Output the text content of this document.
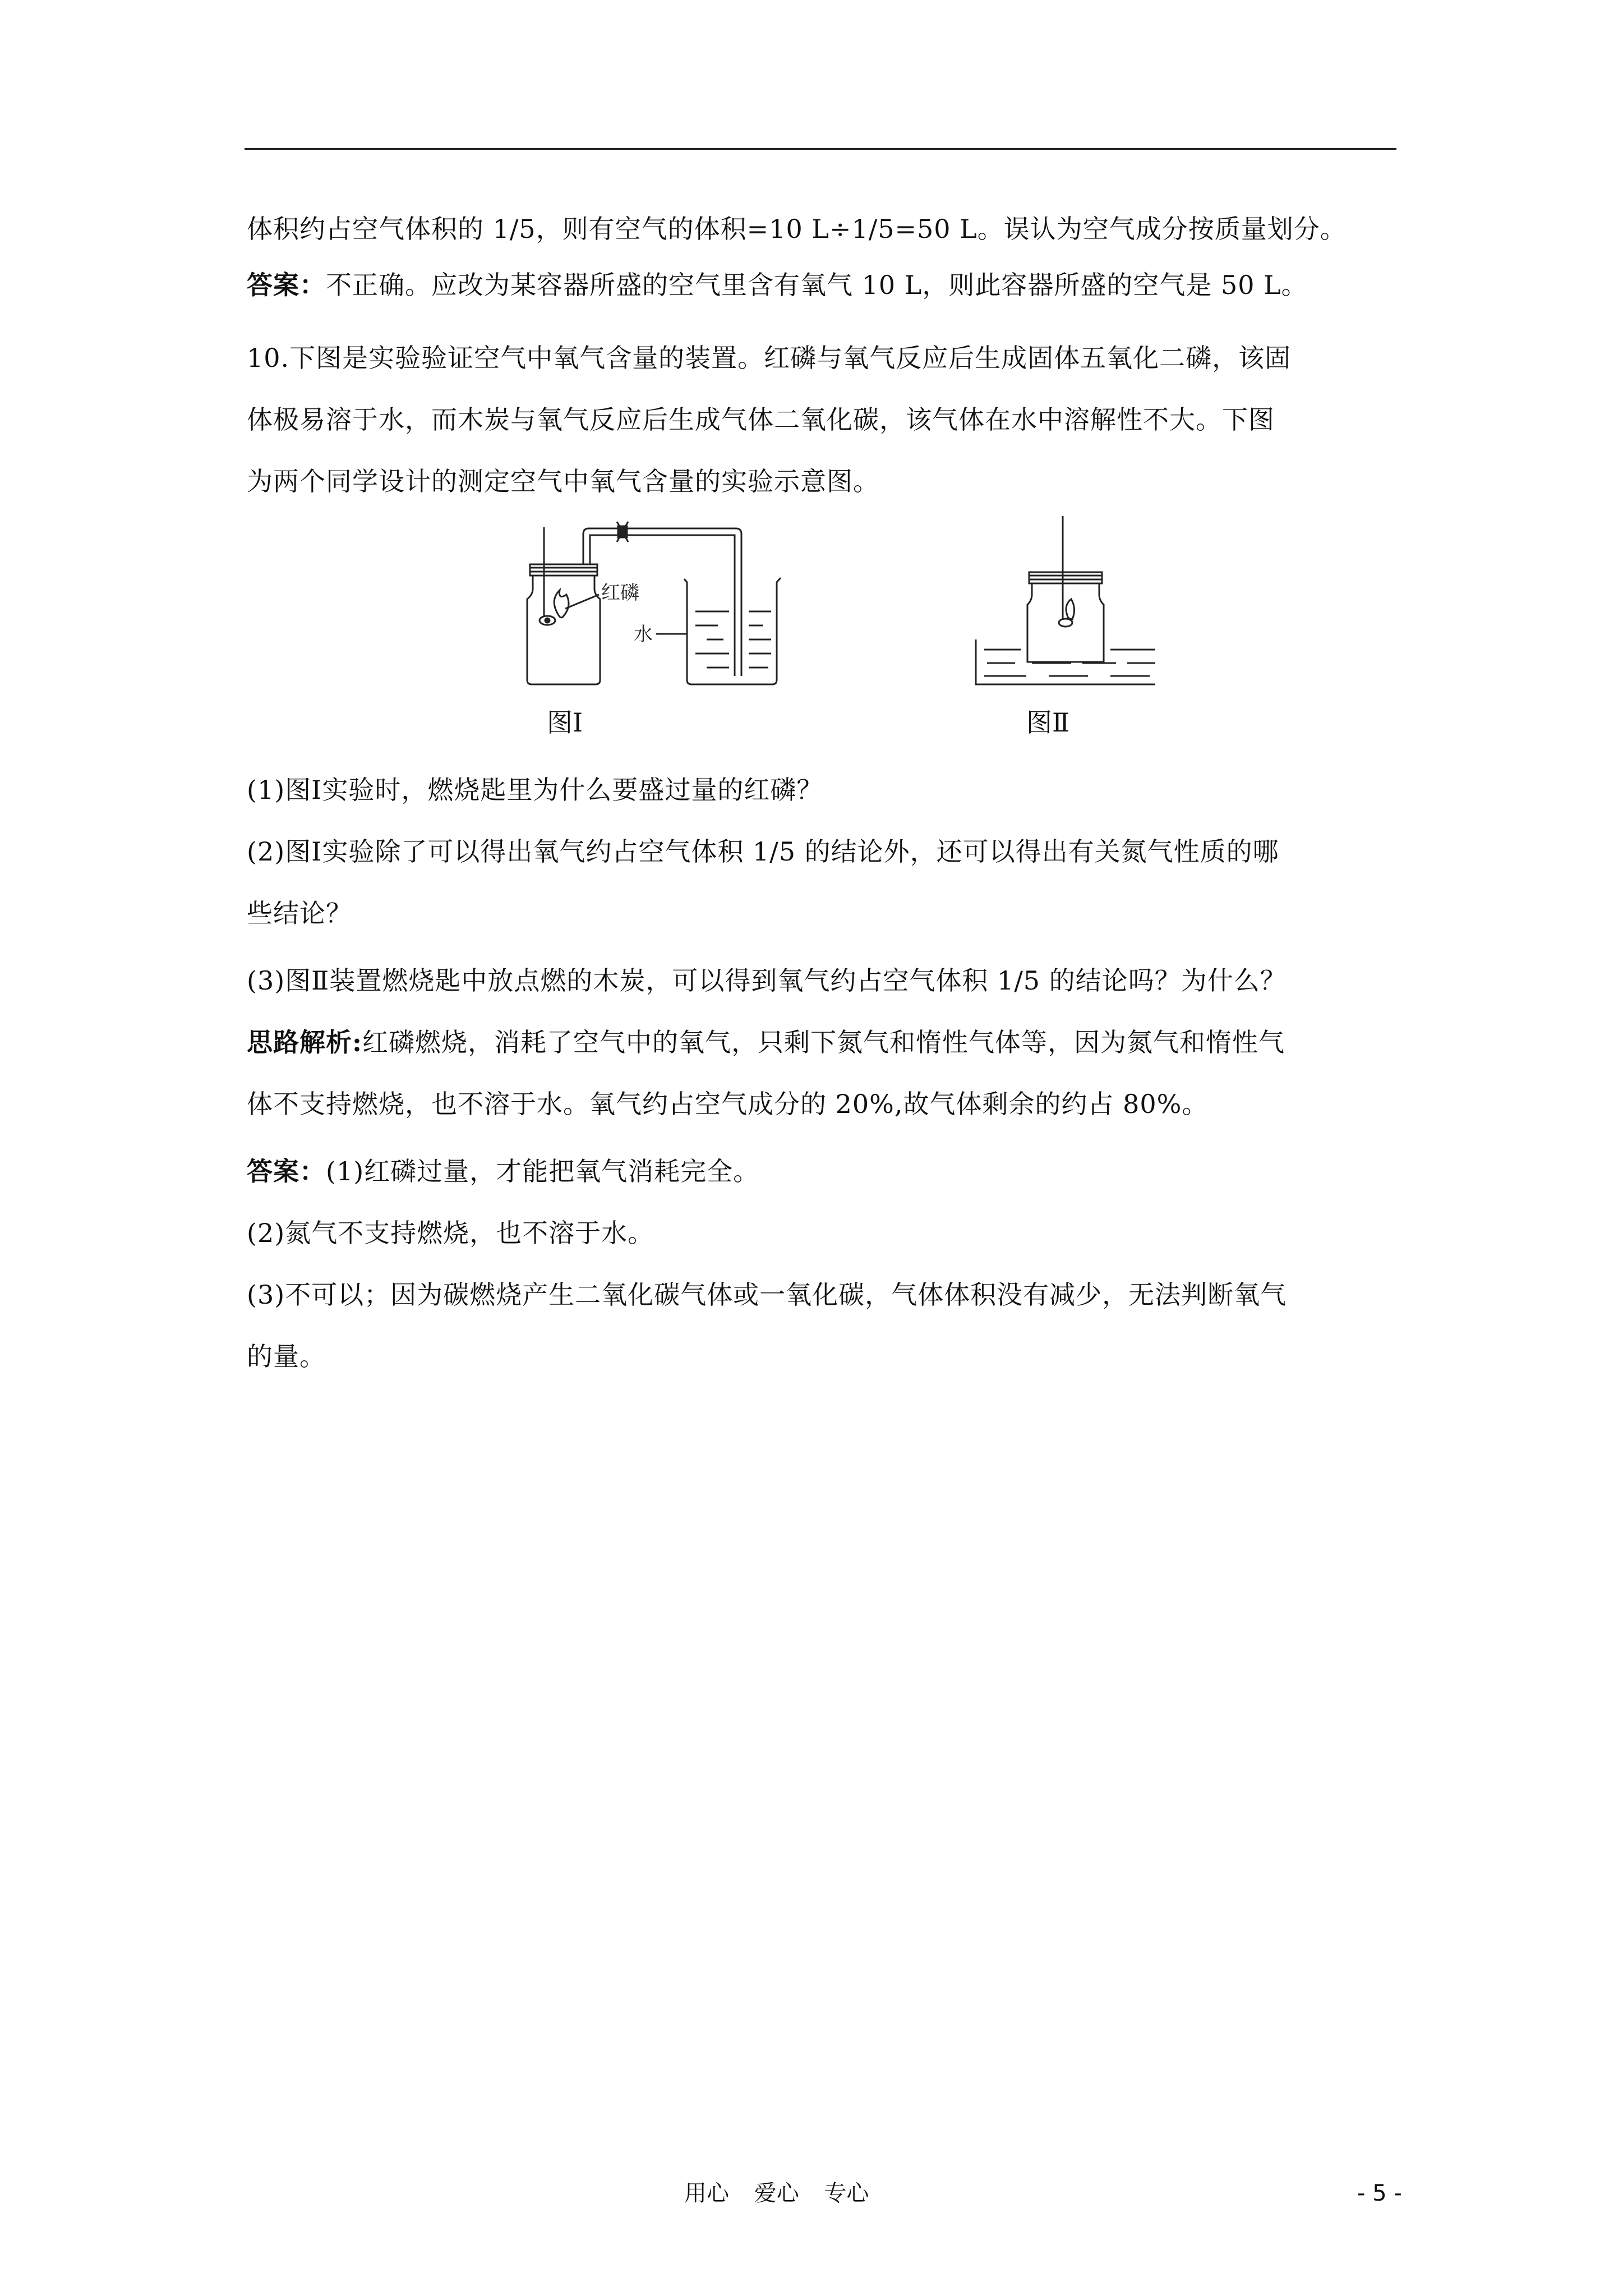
体积约占空气体积的 1/5，则有空气的体积=10 L÷1/5=50 L。误认为空气成分按质量划分。
答案：不正确。应改为某容器所盛的空气里含有氧气 10 L，则此容器所盛的空气是 50 L。
10.下图是实验验证空气中氧气含量的装置。红磷与氧气反应后生成固体五氧化二磷，该固
体极易溶于水，而木炭与氧气反应后生成气体二氧化碳，该气体在水中溶解性不大。下图
为两个同学设计的测定空气中氧气含量的实验示意图。
红磷
水
图Ⅰ	图Ⅱ
(1)图Ⅰ实验时，燃烧匙里为什么要盛过量的红磷？
(2)图Ⅰ实验除了可以得出氧气约占空气体积 1/5 的结论外，还可以得出有关氮气性质的哪
些结论？
(3)图Ⅱ装置燃烧匙中放点燃的木炭，可以得到氧气约占空气体积 1/5 的结论吗？为什么？
思路解析:红磷燃烧，消耗了空气中的氧气，只剩下氮气和惰性气体等，因为氮气和惰性气
体不支持燃烧，也不溶于水。氧气约占空气成分的 20%,故气体剩余的约占 80%。
答案：(1)红磷过量，才能把氧气消耗完全。
(2)氮气不支持燃烧，也不溶于水。
(3)不可以；因为碳燃烧产生二氧化碳气体或一氧化碳，气体体积没有减少，无法判断氧气
的量。
用心 爱心 专心	- 5 -
